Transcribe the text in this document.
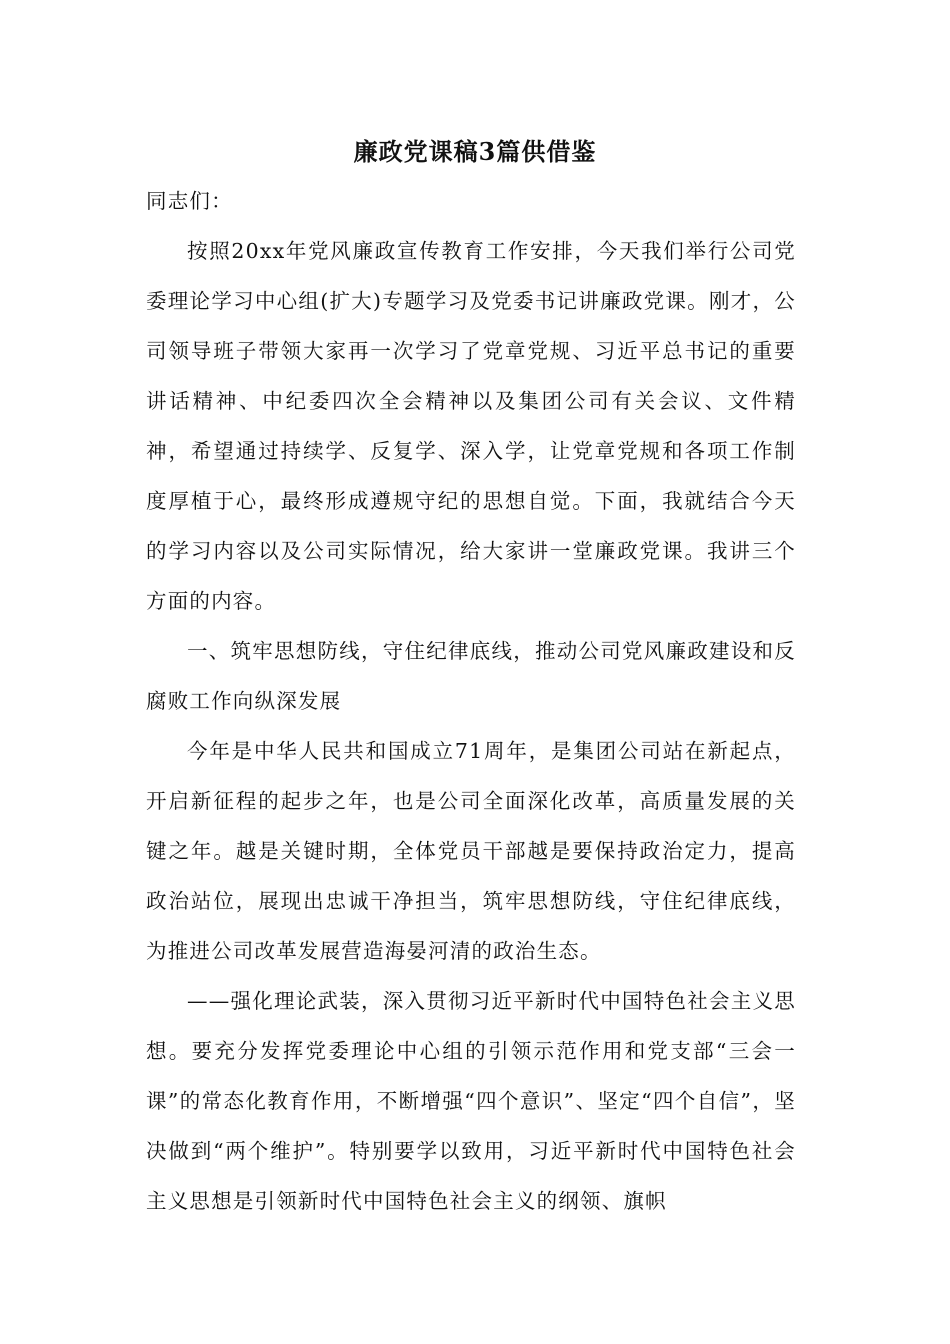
廉政党课稿3篇供借鉴

同志们：

按照20xx年党风廉政宣传教育工作安排，今天我们举行公司党委理论学习中心组(扩大)专题学习及党委书记讲廉政党课。刚才，公司领导班子带领大家再一次学习了党章党规、习近平总书记的重要讲话精神、中纪委四次全会精神以及集团公司有关会议、文件精神，希望通过持续学、反复学、深入学，让党章党规和各项工作制度厚植于心，最终形成遵规守纪的思想自觉。下面，我就结合今天的学习内容以及公司实际情况，给大家讲一堂廉政党课。我讲三个方面的内容。

一、筑牢思想防线，守住纪律底线，推动公司党风廉政建设和反腐败工作向纵深发展

今年是中华人民共和国成立71周年，是集团公司站在新起点，开启新征程的起步之年，也是公司全面深化改革，高质量发展的关键之年。越是关键时期，全体党员干部越是要保持政治定力，提高政治站位，展现出忠诚干净担当，筑牢思想防线，守住纪律底线，为推进公司改革发展营造海晏河清的政治生态。

——强化理论武装，深入贯彻习近平新时代中国特色社会主义思想。要充分发挥党委理论中心组的引领示范作用和党支部“三会一课”的常态化教育作用，不断增强“四个意识”、坚定“四个自信”，坚决做到“两个维护”。特别要学以致用，习近平新时代中国特色社会主义思想是引领新时代中国特色社会主义的纲领、旗帜
